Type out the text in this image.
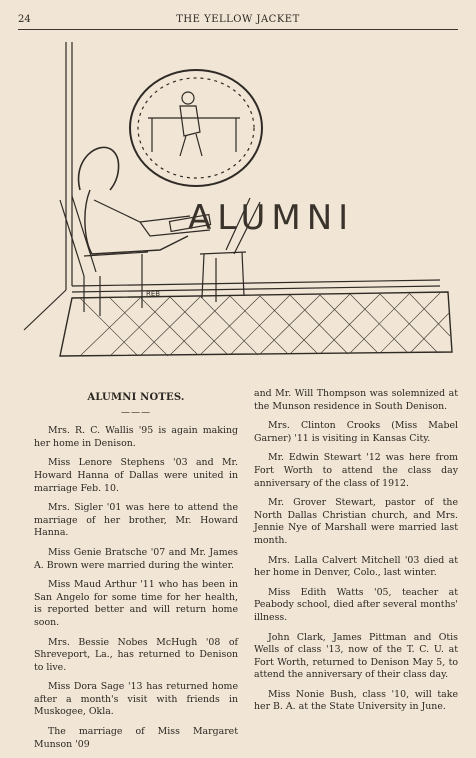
24	THE YELLOW JACKET
REB
ALUMNI
ALUMNI NOTES.
———

Mrs. R. C. Wallis '95 is again making her home in Denison.

Miss Lenore Stephens '03 and Mr. Howard Hanna of Dallas were united in marriage Feb. 10.

Mrs. Sigler '01 was here to attend the marriage of her brother, Mr. Howard Hanna.

Miss Genie Bratsche '07 and Mr. James A. Brown were married during the winter.

Miss Maud Arthur '11 who has been in San Angelo for some time for her health, is reported better and will return home soon.

Mrs. Bessie Nobes McHugh '08 of Shreveport, La., has returned to Denison to live.

Miss Dora Sage '13 has returned home after a month's visit with friends in Muskogee, Okla.

The marriage of Miss Margaret Munson '09

and Mr. Will Thompson was solemnized at the Munson residence in South Denison.

Mrs. Clinton Crooks (Miss Mabel Garner) '11 is visiting in Kansas City.

Mr. Edwin Stewart '12 was here from Fort Worth to attend the class day anniversary of the class of 1912.

Mr. Grover Stewart, pastor of the North Dallas Christian church, and Mrs. Jennie Nye of Marshall were married last month.

Mrs. Lalla Calvert Mitchell '03 died at her home in Denver, Colo., last winter.

Miss Edith Watts '05, teacher at Peabody school, died after several months' illness.

John Clark, James Pittman and Otis Wells of class '13, now of the T. C. U. at Fort Worth, returned to Denison May 5, to attend the anniversary of their class day.

Miss Nonie Bush, class '10, will take her B. A. at the State University in June.
